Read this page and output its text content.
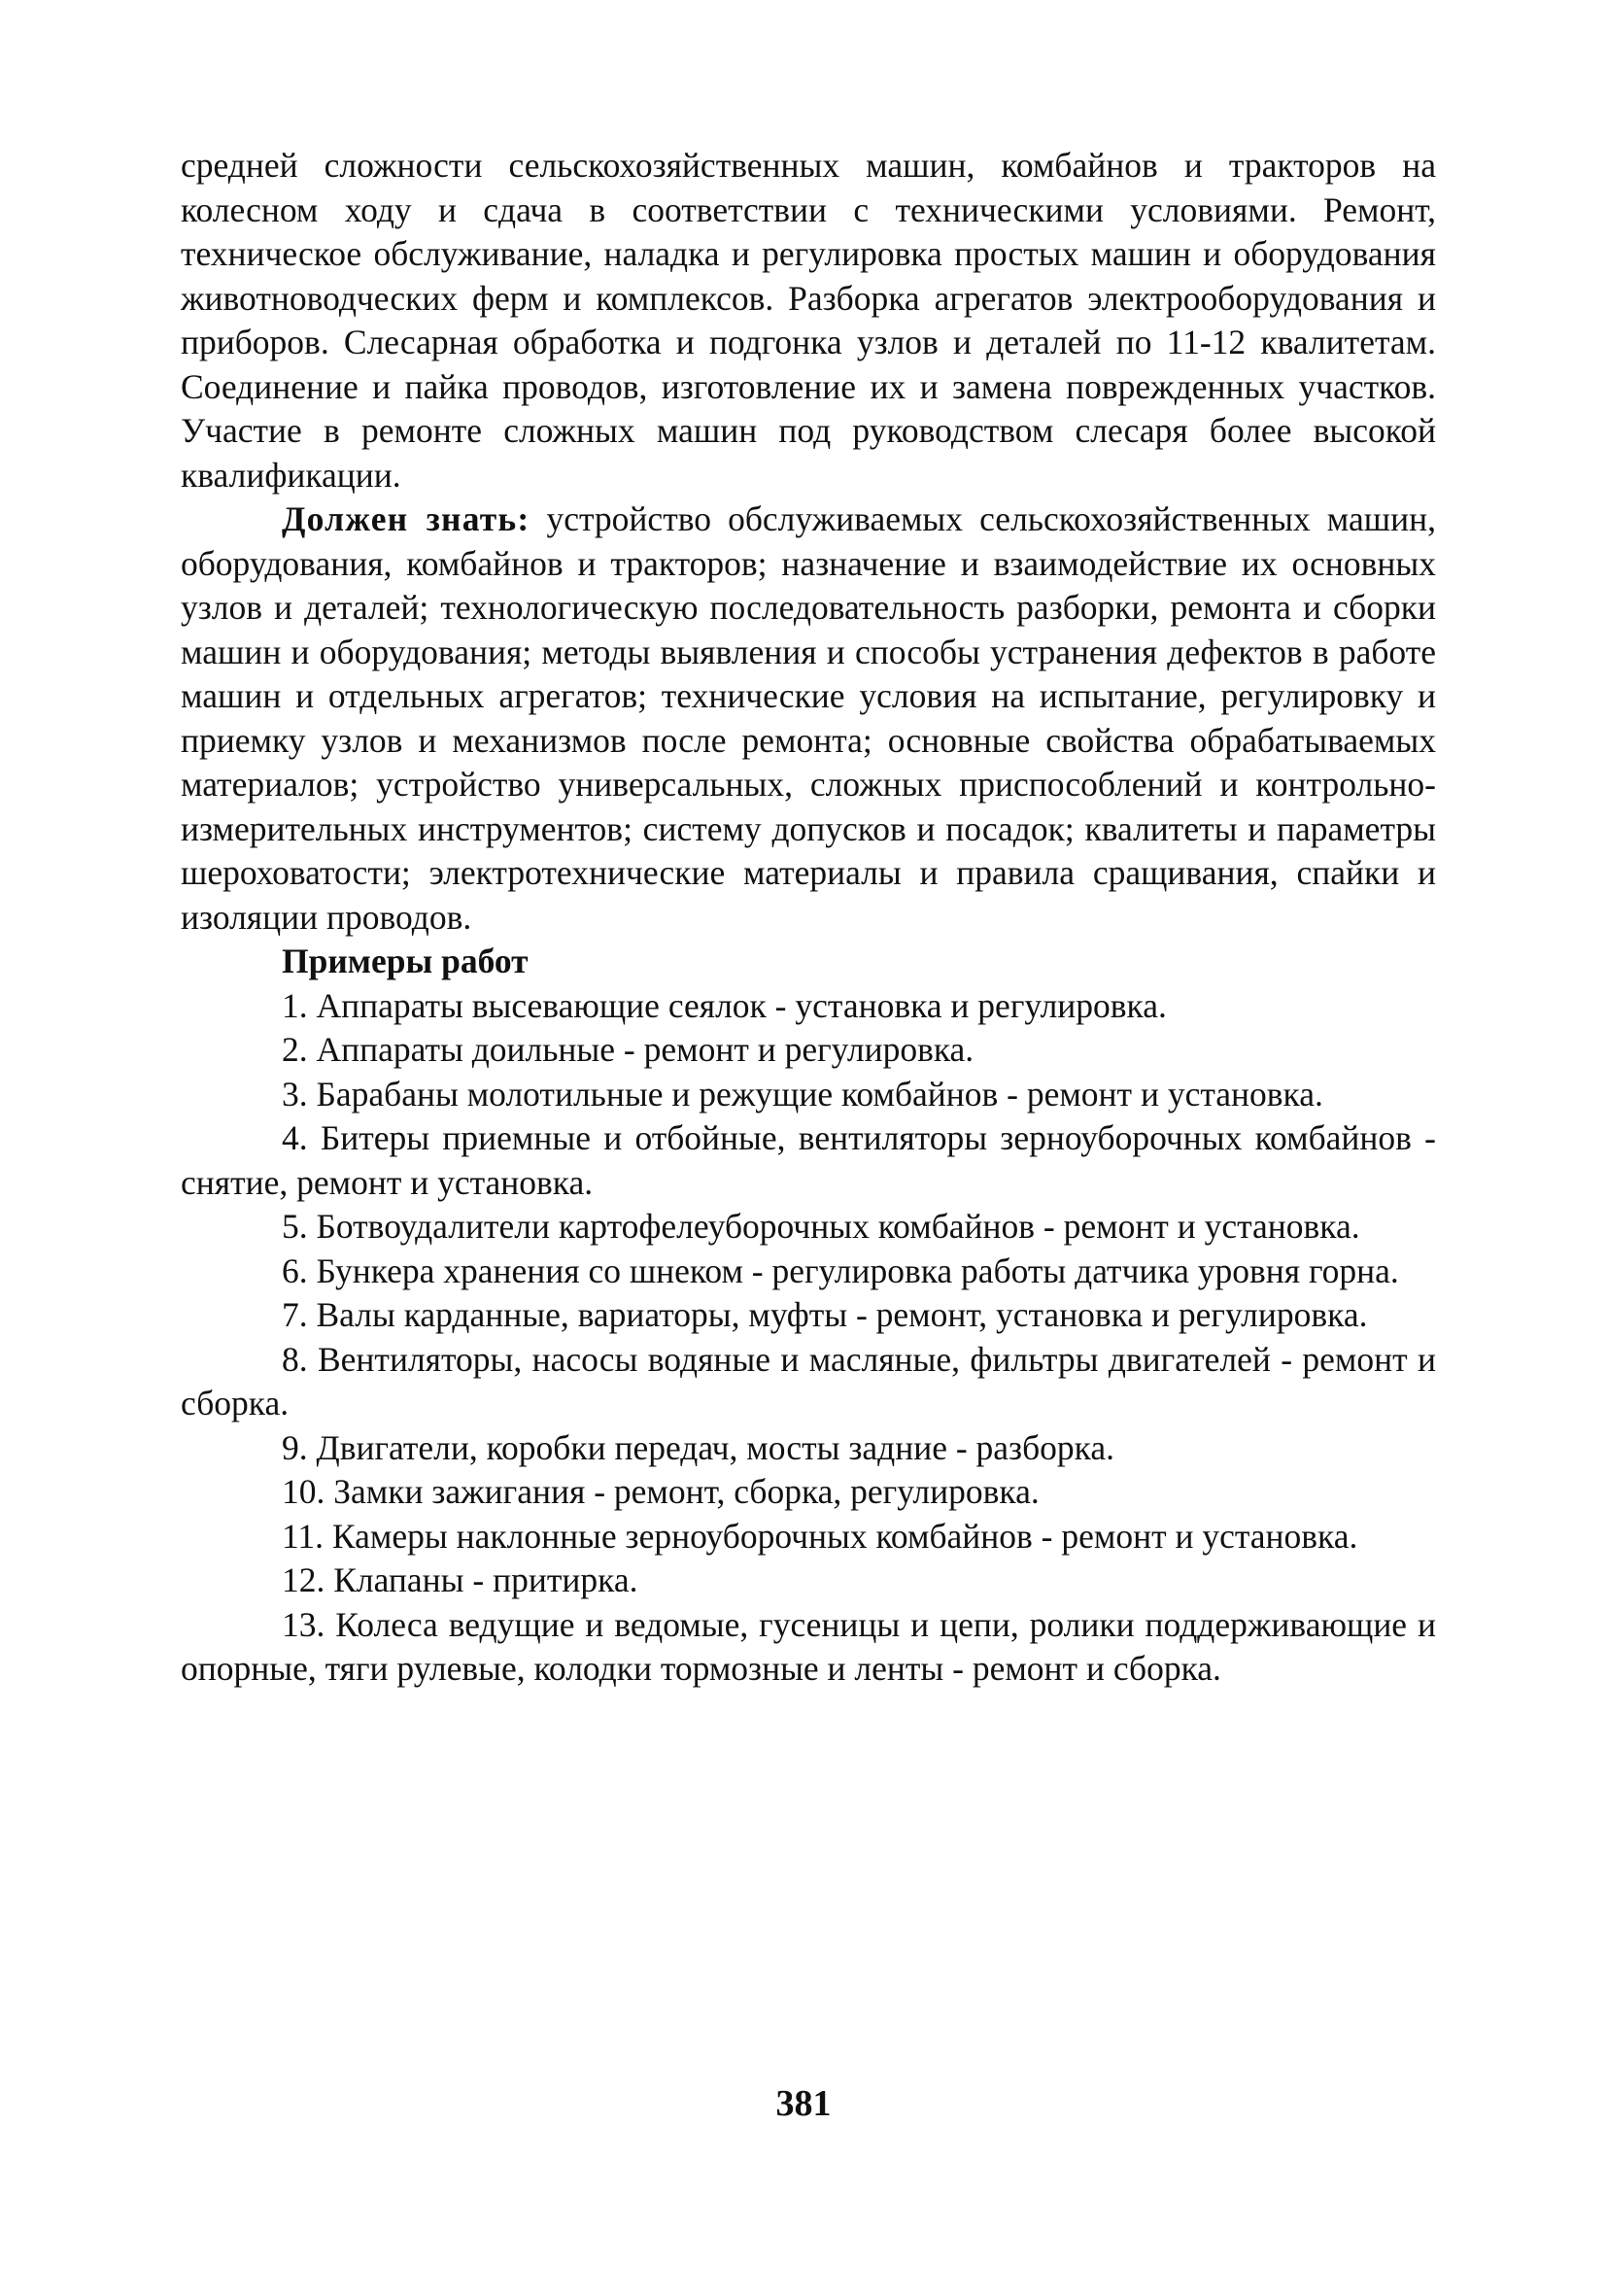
средней сложности сельскохозяйственных машин, комбайнов и тракторов на колесном ходу и сдача в соответствии с техническими условиями. Ремонт, техническое обслуживание, наладка и регулировка простых машин и оборудования животноводческих ферм и комплексов. Разборка агрегатов электрооборудования и приборов. Слесарная обработка и подгонка узлов и деталей по 11-12 квалитетам. Соединение и пайка проводов, изготовление их и замена поврежденных участков. Участие в ремонте сложных машин под руководством слесаря более высокой квалификации.

Должен знать: устройство обслуживаемых сельскохозяйственных машин, оборудования, комбайнов и тракторов; назначение и взаимодействие их основных узлов и деталей; технологическую последовательность разборки, ремонта и сборки машин и оборудования; методы выявления и способы устранения дефектов в работе машин и отдельных агрегатов; технические условия на испытание, регулировку и приемку узлов и механизмов после ремонта; основные свойства обрабатываемых материалов; устройство универсальных, сложных приспособлений и контрольно-измерительных инструментов; систему допусков и посадок; квалитеты и параметры шероховатости; электротехнические материалы и правила сращивания, спайки и изоляции проводов.

Примеры работ

1. Аппараты высевающие сеялок - установка и регулировка.
2. Аппараты доильные - ремонт и регулировка.
3. Барабаны молотильные и режущие комбайнов - ремонт и установка.
4. Битеры приемные и отбойные, вентиляторы зерноуборочных комбайнов - снятие, ремонт и установка.
5. Ботвоудалители картофелеуборочных комбайнов - ремонт и установка.
6. Бункера хранения со шнеком - регулировка работы датчика уровня горна.
7. Валы карданные, вариаторы, муфты - ремонт, установка и регулировка.
8. Вентиляторы, насосы водяные и масляные, фильтры двигателей - ремонт и сборка.
9. Двигатели, коробки передач, мосты задние - разборка.
10. Замки зажигания - ремонт, сборка, регулировка.
11. Камеры наклонные зерноуборочных комбайнов - ремонт и установка.
12. Клапаны - притирка.
13. Колеса ведущие и ведомые, гусеницы и цепи, ролики поддерживающие и опорные, тяги рулевые, колодки тормозные и ленты - ремонт и сборка.
381
